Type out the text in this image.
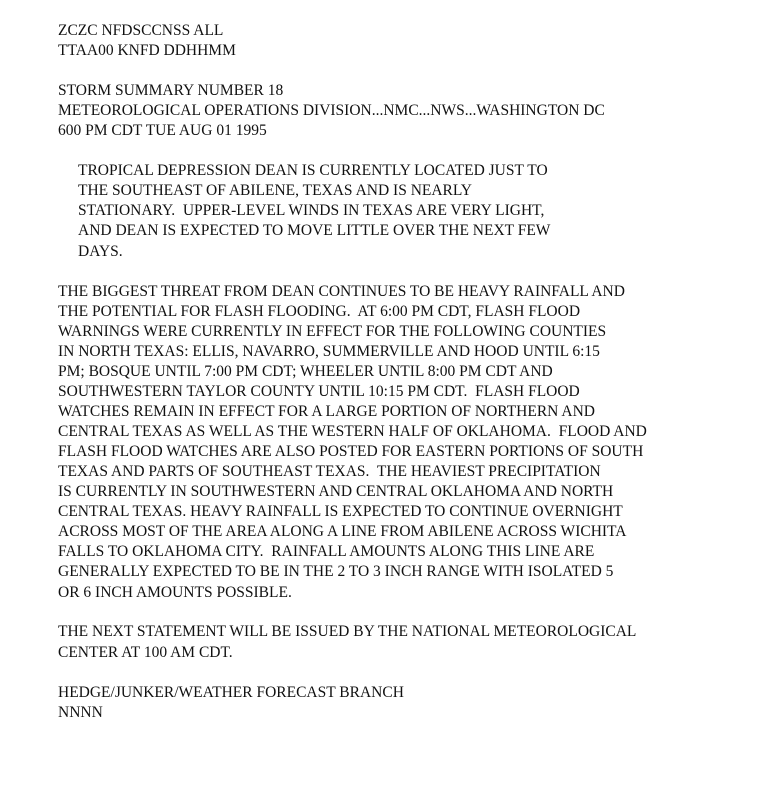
ZCZC NFDSCCNSS ALL
TTAA00 KNFD DDHHMM
STORM SUMMARY NUMBER 18
METEOROLOGICAL OPERATIONS DIVISION...NMC...NWS...WASHINGTON DC
600 PM CDT TUE AUG 01 1995
TROPICAL DEPRESSION DEAN IS CURRENTLY LOCATED JUST TO
THE SOUTHEAST OF ABILENE, TEXAS AND IS NEARLY
STATIONARY.  UPPER-LEVEL WINDS IN TEXAS ARE VERY LIGHT,
AND DEAN IS EXPECTED TO MOVE LITTLE OVER THE NEXT FEW
DAYS.
THE BIGGEST THREAT FROM DEAN CONTINUES TO BE HEAVY RAINFALL AND
THE POTENTIAL FOR FLASH FLOODING.  AT 6:00 PM CDT, FLASH FLOOD
WARNINGS WERE CURRENTLY IN EFFECT FOR THE FOLLOWING COUNTIES
IN NORTH TEXAS: ELLIS, NAVARRO, SUMMERVILLE AND HOOD UNTIL 6:15
PM; BOSQUE UNTIL 7:00 PM CDT; WHEELER UNTIL 8:00 PM CDT AND
SOUTHWESTERN TAYLOR COUNTY UNTIL 10:15 PM CDT.  FLASH FLOOD
WATCHES REMAIN IN EFFECT FOR A LARGE PORTION OF NORTHERN AND
CENTRAL TEXAS AS WELL AS THE WESTERN HALF OF OKLAHOMA.  FLOOD AND
FLASH FLOOD WATCHES ARE ALSO POSTED FOR EASTERN PORTIONS OF SOUTH
TEXAS AND PARTS OF SOUTHEAST TEXAS.  THE HEAVIEST PRECIPITATION
IS CURRENTLY IN SOUTHWESTERN AND CENTRAL OKLAHOMA AND NORTH
CENTRAL TEXAS. HEAVY RAINFALL IS EXPECTED TO CONTINUE OVERNIGHT
ACROSS MOST OF THE AREA ALONG A LINE FROM ABILENE ACROSS WICHITA
FALLS TO OKLAHOMA CITY.  RAINFALL AMOUNTS ALONG THIS LINE ARE
GENERALLY EXPECTED TO BE IN THE 2 TO 3 INCH RANGE WITH ISOLATED 5
OR 6 INCH AMOUNTS POSSIBLE.
THE NEXT STATEMENT WILL BE ISSUED BY THE NATIONAL METEOROLOGICAL
CENTER AT 100 AM CDT.
HEDGE/JUNKER/WEATHER FORECAST BRANCH
NNNN
